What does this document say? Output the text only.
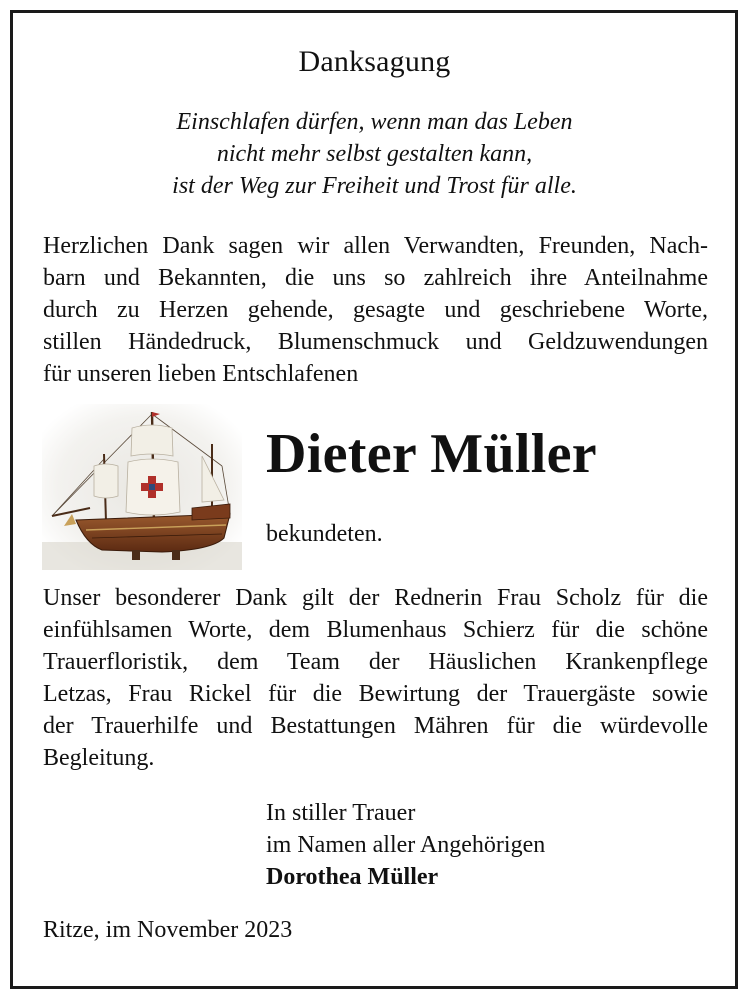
Danksagung
Einschlafen dürfen, wenn man das Leben
nicht mehr selbst gestalten kann,
ist der Weg zur Freiheit und Trost für alle.
Herzlichen Dank sagen wir allen Verwandten, Freunden, Nach-
barn und Bekannten, die uns so zahlreich ihre Anteilnahme
durch zu Herzen gehende, gesagte und geschriebene Worte,
stillen Händedruck, Blumenschmuck und Geldzuwendungen
für unseren lieben Entschlafenen
Dieter Müller
bekundeten.
Unser besonderer Dank gilt der Rednerin Frau Scholz für die
einfühlsamen Worte, dem Blumenhaus Schierz für die schöne
Trauerfloristik, dem Team der Häuslichen Krankenpflege
Letzas, Frau Rickel für die Bewirtung der Trauergäste sowie
der Trauerhilfe und Bestattungen Mähren für die würdevolle
Begleitung.
In stiller Trauer
im Namen aller Angehörigen
Dorothea Müller
Ritze, im November 2023
